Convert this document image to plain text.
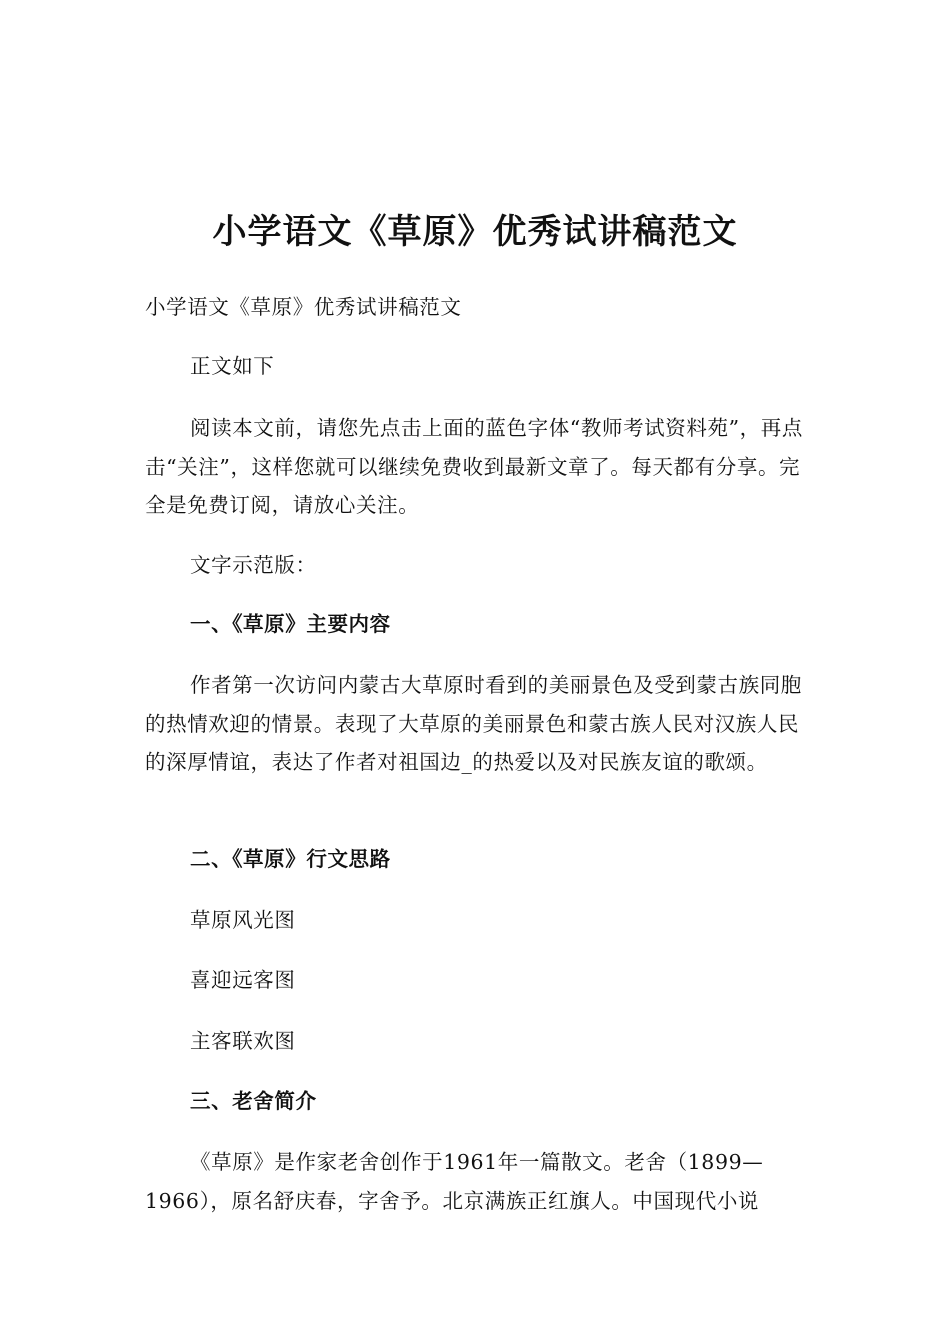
小学语文《草原》优秀试讲稿范文

小学语文《草原》优秀试讲稿范文

正文如下

阅读本文前，请您先点击上面的蓝色字体“教师考试资料苑”，再点击“关注”，这样您就可以继续免费收到最新文章了。每天都有分享。完全是免费订阅，请放心关注。

文字示范版：

一、《草原》主要内容

作者第一次访问内蒙古大草原时看到的美丽景色及受到蒙古族同胞的热情欢迎的情景。表现了大草原的美丽景色和蒙古族人民对汉族人民的深厚情谊，表达了作者对祖国边_的热爱以及对民族友谊的歌颂。

二、《草原》行文思路

草原风光图

喜迎远客图

主客联欢图

三、老舍简介

《草原》是作家老舍创作于1961年一篇散文。老舍（1899—1966），原名舒庆春，字舍予。北京满族正红旗人。中国现代小说
